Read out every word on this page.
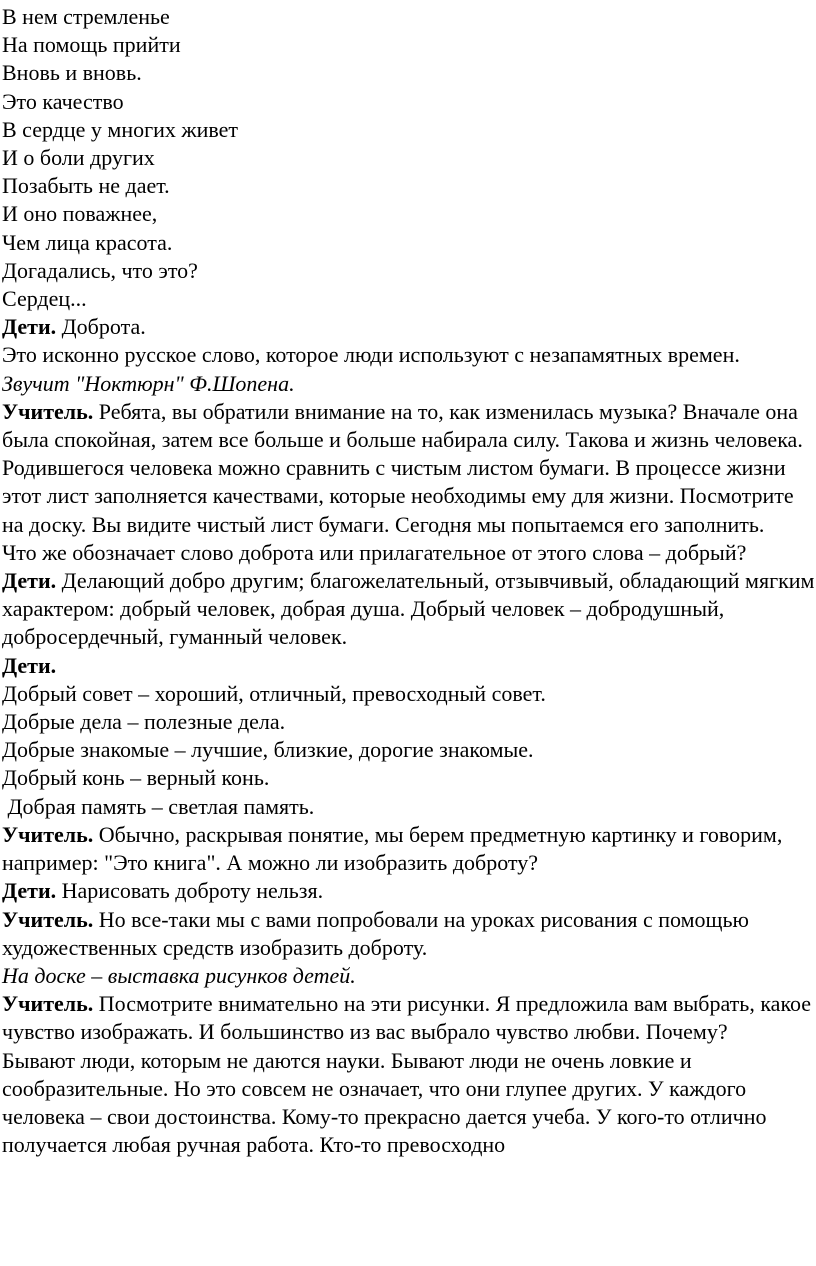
В нем стремленье
На помощь прийти
Вновь и вновь.
Это качество
В сердце у многих живет
И о боли других
Позабыть не дает.
И оно поважнее,
Чем лица красота.
Догадались, что это?
Сердец...

Дети. Доброта.

Это исконно русское слово, которое люди используют с незапамятных времен.

Звучит "Ноктюрн" Ф.Шопена.

Учитель. Ребята, вы обратили внимание на то, как изменилась музыка? Вначале она была спокойная, затем все больше и больше набирала силу. Такова и жизнь человека. Родившегося человека можно сравнить с чистым листом бумаги. В процессе жизни этот лист заполняется качествами, которые необходимы ему для жизни. Посмотрите на доску. Вы видите чистый лист бумаги. Сегодня мы попытаемся его заполнить.

Что же обозначает слово доброта или прилагательное от этого слова – добрый?

Дети. Делающий добро другим; благожелательный, отзывчивый, обладающий мягким характером: добрый человек, добрая душа. Добрый человек – добродушный, добросердечный, гуманный человек.

Дети.

Добрый совет – хороший, отличный, превосходный совет.
Добрые дела – полезные дела.
Добрые знакомые – лучшие, близкие, дорогие знакомые.
Добрый конь – верный конь.
Добрая память – светлая память.

Учитель. Обычно, раскрывая понятие, мы берем предметную картинку и говорим, например: "Это книга". А можно ли изобразить доброту?

Дети. Нарисовать доброту нельзя.

Учитель. Но все-таки мы с вами попробовали на уроках рисования с помощью художественных средств изобразить доброту.

На доске – выставка рисунков детей.

Учитель. Посмотрите внимательно на эти рисунки. Я предложила вам выбрать, какое чувство изображать. И большинство из вас выбрало чувство любви. Почему?

Бывают люди, которым не даются науки. Бывают люди не очень ловкие и сообразительные. Но это совсем не означает, что они глупее других. У каждого человека – свои достоинства. Кому-то прекрасно дается учеба. У кого-то отлично получается любая ручная работа. Кто-то превосходно
